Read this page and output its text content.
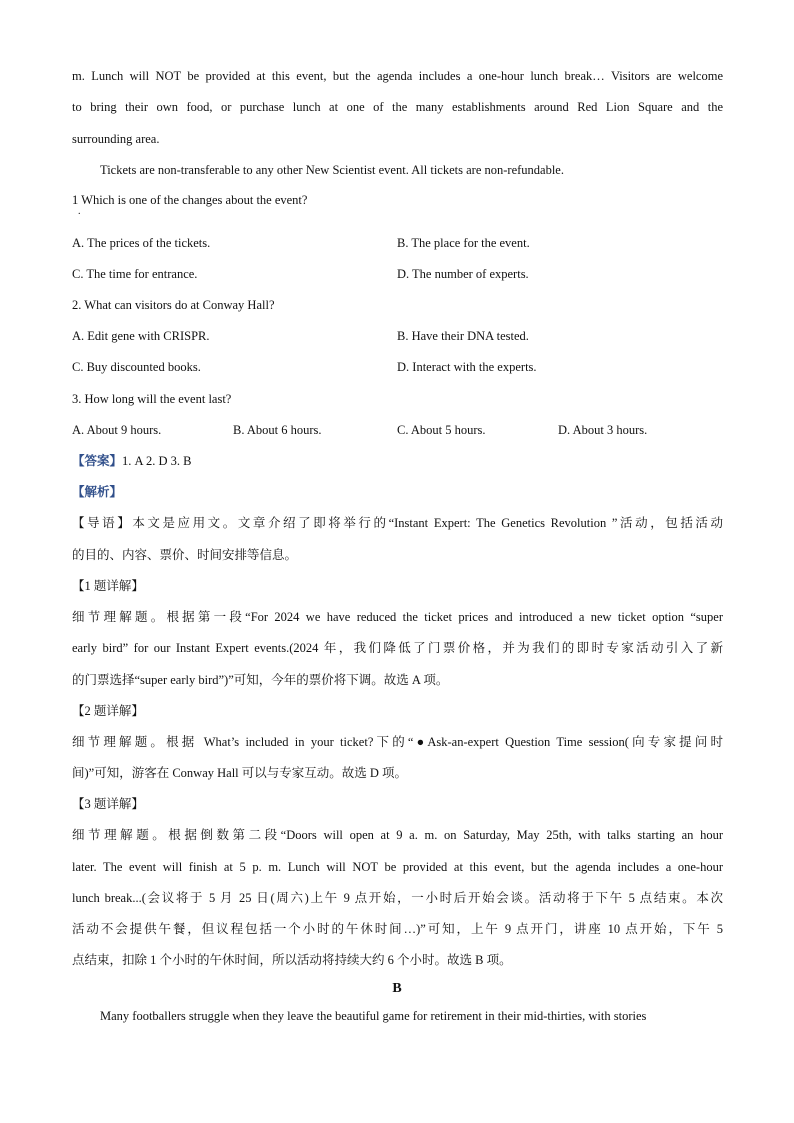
m. Lunch will NOT be provided at this event, but the agenda includes a one-hour lunch break… Visitors are welcome
to bring their own food, or purchase lunch at one of the many establishments around Red Lion Square and the
surrounding area.
Tickets are non-transferable to any other New Scientist event. All tickets are non-refundable.
1 Which is one of the changes about the event?
.
A. The prices of the tickets.	B. The place for the event.
C. The time for entrance.	D. The number of experts.
2. What can visitors do at Conway Hall?
A. Edit gene with CRISPR.	B. Have their DNA tested.
C. Buy discounted books.	D. Interact with the experts.
3. How long will the event last?
A. About 9 hours.	B. About 6 hours.	C. About 5 hours.	D. About 3 hours.
【答案】1. A 2. D 3. B
【解析】
【导语】本文是应用文。文章介绍了即将举行的“Instant Expert: The Genetics Revolution ”活动，包括活动
的目的、内容、票价、时间安排等信息。
【1 题详解】
细节理解题。根据第一段“For 2024 we have reduced the ticket prices and introduced a new ticket option “super
early bird” for our Instant Expert events.(2024 年，我们降低了门票价格，并为我们的即时专家活动引入了新
的门票选择“super early bird”)”可知，今年的票价将下调。故选 A 项。
【2 题详解】
细节理解题。根据 What’s included in your ticket?下的“●Ask-an-expert Question Time session(向专家提问时
间)”可知，游客在 Conway Hall 可以与专家互动。故选 D 项。
【3 题详解】
细节理解题。根据倒数第二段“Doors will open at 9 a. m. on Saturday, May 25th, with talks starting an hour
later. The event will finish at 5 p. m. Lunch will NOT be provided at this event, but the agenda includes a one-hour
lunch break...(会议将于 5 月 25 日(周六)上午 9 点开始，一小时后开始会谈。活动将于下午 5 点结束。本次
活动不会提供午餐，但议程包括一个小时的午休时间…)”可知，上午 9 点开门，讲座 10 点开始，下午 5
点结束，扣除 1 个小时的午休时间，所以活动将持续大约 6 个小时。故选 B 项。
B
Many footballers struggle when they leave the beautiful game for retirement in their mid-thirties, with stories
